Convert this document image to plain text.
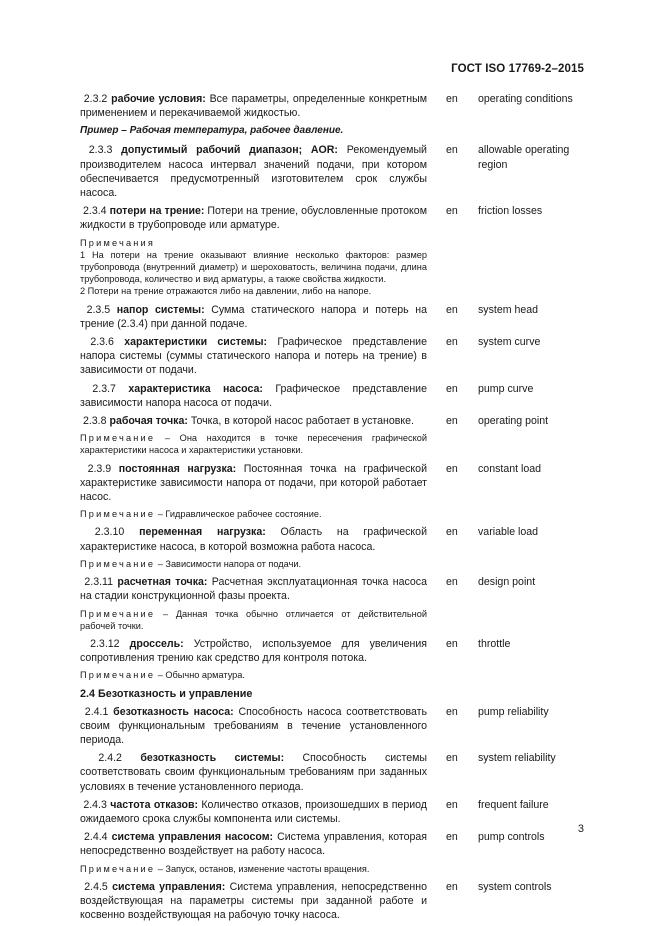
ГОСТ ISO 17769-2–2015
2.3.2 рабочие условия: Все параметры, определенные конкретным применением и перекачиваемой жидкостью.
en operating conditions
Пример – Рабочая температура, рабочее давление.
2.3.3 допустимый рабочий диапазон; AOR: Рекомендуемый производителем насоса интервал значений подачи, при котором обеспечивается предусмотренный изготовителем срок службы насоса.
en allowable operating region
2.3.4 потери на трение: Потери на трение, обусловленные протоком жидкости в трубопроводе или арматуре.
en friction losses

Примечания

1 На потери на трение оказывают влияние несколько факторов: размер трубопровода (внутренний диаметр) и шероховатость, величина подачи, длина трубопровода, количество и вид арматуры, а также свойства жидкости.

2 Потери на трение отражаются либо на давлении, либо на напоре.

2.3.5 напор системы: Сумма статического напора и потерь на трение (2.3.4) при данной подаче.
en system head
2.3.6 характеристики системы: Графическое представление напора системы (суммы статического напора и потерь на трение) в зависимости от подачи.
en system curve
2.3.7 характеристика насоса: Графическое представление зависимости напора насоса от подачи.
en pump curve
2.3.8 рабочая точка: Точка, в которой насос работает в установке.	en operating point

Примечание – Она находится в точке пересечения графической характеристики насоса и характеристики установки.

2.3.9 постоянная нагрузка: Постоянная точка на графической характеристике зависимости напора от подачи, при которой работает насос.
en constant load

Примечание – Гидравлическое рабочее состояние.

2.3.10 переменная нагрузка: Область на графической характеристике насоса, в которой возможна работа насоса.
en variable load

Примечание – Зависимости напора от подачи.

2.3.11 расчетная точка: Расчетная эксплуатационная точка насоса на стадии конструкционной фазы проекта.
en design point

Примечание – Данная точка обычно отличается от действительной рабочей точки.

2.3.12 дроссель: Устройство, используемое для увеличения сопротивления трению как средство для контроля потока.
en throttle

Примечание – Обычно арматура.

2.4 Безотказность и управление
2.4.1 безотказность насоса: Способность насоса соответствовать своим функциональным требованиям в течение установленного периода.
en pump reliability
2.4.2 безотказность системы: Способность системы соответствовать своим функциональным требованиям при заданных условиях в течение установленного периода.
en system reliability
2.4.3 частота отказов: Количество отказов, произошедших в период ожидаемого срока службы компонента или системы.
en frequent failure
2.4.4 система управления насосом: Система управления, которая непосредственно воздействует на работу насоса.
en pump controls

Примечание – Запуск, останов, изменение частоты вращения.

2.4.5 система управления: Система управления, непосредственно воздействующая на параметры системы при заданной работе и косвенно воздействующая на рабочую точку насоса.
en system controls
3
